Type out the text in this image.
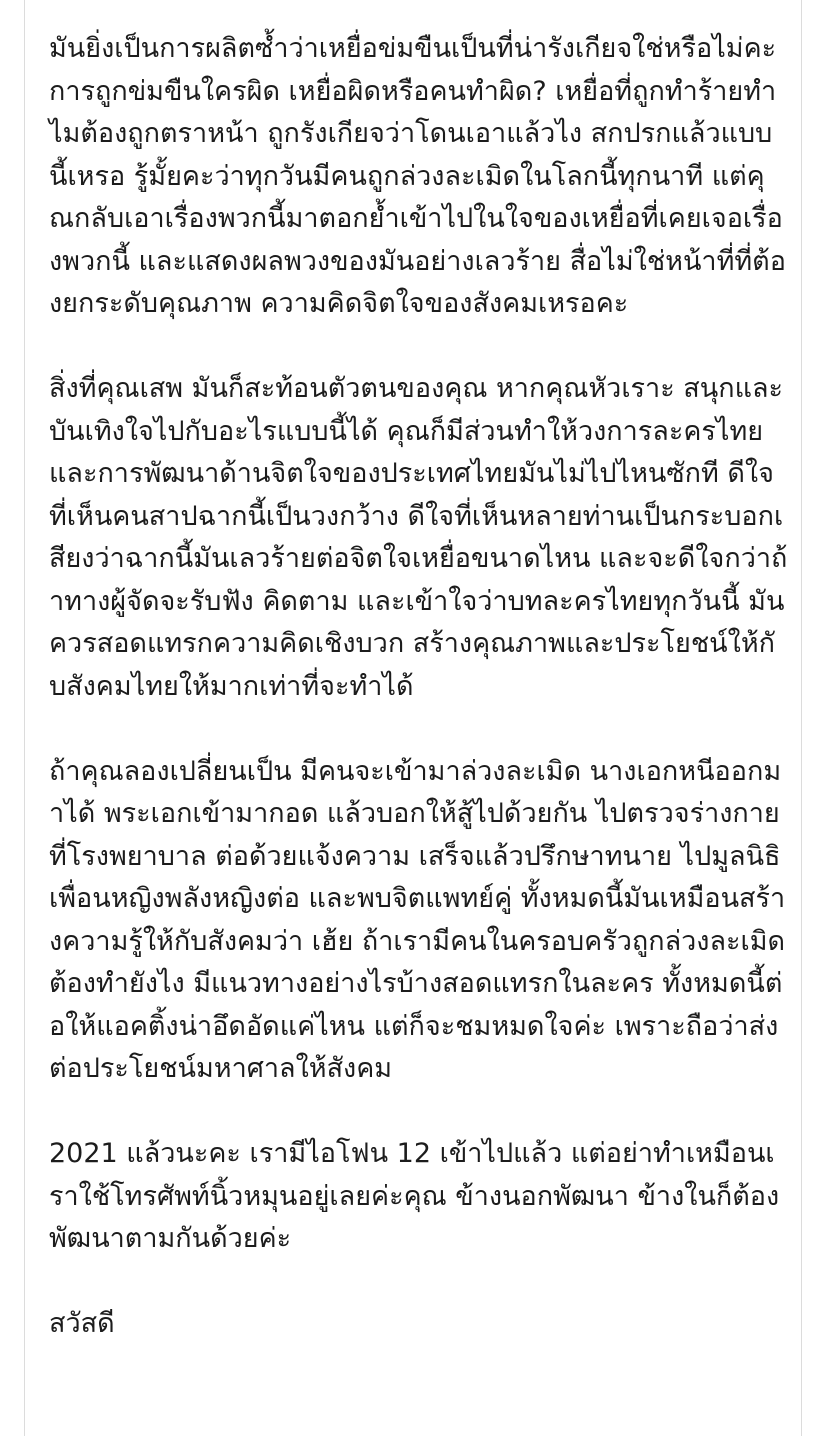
มันยิ่งเป็นการผลิตซ้ำว่าเหยื่อข่มขืนเป็นที่น่ารังเกียจใช่หรือไม่คะ การถูกข่มขืนใครผิด เหยื่อผิดหรือคนทำผิด? เหยื่อที่ถูกทำร้ายทำไมต้องถูกตราหน้า ถูกรังเกียจว่าโดนเอาแล้วไง สกปรกแล้วแบบนี้เหรอ รู้มั้ยคะว่าทุกวันมีคนถูกล่วงละเมิดในโลกนี้ทุกนาที แต่คุณกลับเอาเรื่องพวกนี้มาตอกย้ำเข้าไปในใจของเหยื่อที่เคยเจอเรื่องพวกนี้ และแสดงผลพวงของมันอย่างเลวร้าย สื่อไม่ใช่หน้าที่ที่ต้องยกระดับคุณภาพ ความคิดจิตใจของสังคมเหรอคะ

สิ่งที่คุณเสพ มันก็สะท้อนตัวตนของคุณ หากคุณหัวเราะ สนุกและบันเทิงใจไปกับอะไรแบบนี้ได้ คุณก็มีส่วนทำให้วงการละครไทย และการพัฒนาด้านจิตใจของประเทศไทยมันไม่ไปไหนซักที ดีใจที่เห็นคนสาปฉากนี้เป็นวงกว้าง ดีใจที่เห็นหลายท่านเป็นกระบอกเสียงว่าฉากนี้มันเลวร้ายต่อจิตใจเหยื่อขนาดไหน และจะดีใจกว่าถ้าทางผู้จัดจะรับฟัง คิดตาม และเข้าใจว่าบทละครไทยทุกวันนี้ มันควรสอดแทรกความคิดเชิงบวก สร้างคุณภาพและประโยชน์ให้กับสังคมไทยให้มากเท่าที่จะทำได้

ถ้าคุณลองเปลี่ยนเป็น มีคนจะเข้ามาล่วงละเมิด นางเอกหนีออกมาได้ พระเอกเข้ามากอด แล้วบอกให้สู้ไปด้วยกัน ไปตรวจร่างกายที่โรงพยาบาล ต่อด้วยแจ้งความ เสร็จแล้วปรึกษาทนาย ไปมูลนิธิเพื่อนหญิงพลังหญิงต่อ และพบจิตแพทย์คู่ ทั้งหมดนี้มันเหมือนสร้างความรู้ให้กับสังคมว่า เฮ้ย ถ้าเรามีคนในครอบครัวถูกล่วงละเมิดต้องทำยังไง มีแนวทางอย่างไรบ้างสอดแทรกในละคร ทั้งหมดนี้ต่อให้แอคติ้งน่าอึดอัดแค่ไหน แต่ก็จะชมหมดใจค่ะ เพราะถือว่าส่งต่อประโยชน์มหาศาลให้สังคม

2021 แล้วนะคะ เรามีไอโฟน 12 เข้าไปแล้ว แต่อย่าทำเหมือนเราใช้โทรศัพท์นิ้วหมุนอยู่เลยค่ะคุณ ข้างนอกพัฒนา ข้างในก็ต้องพัฒนาตามกันด้วยค่ะ

สวัสดี
